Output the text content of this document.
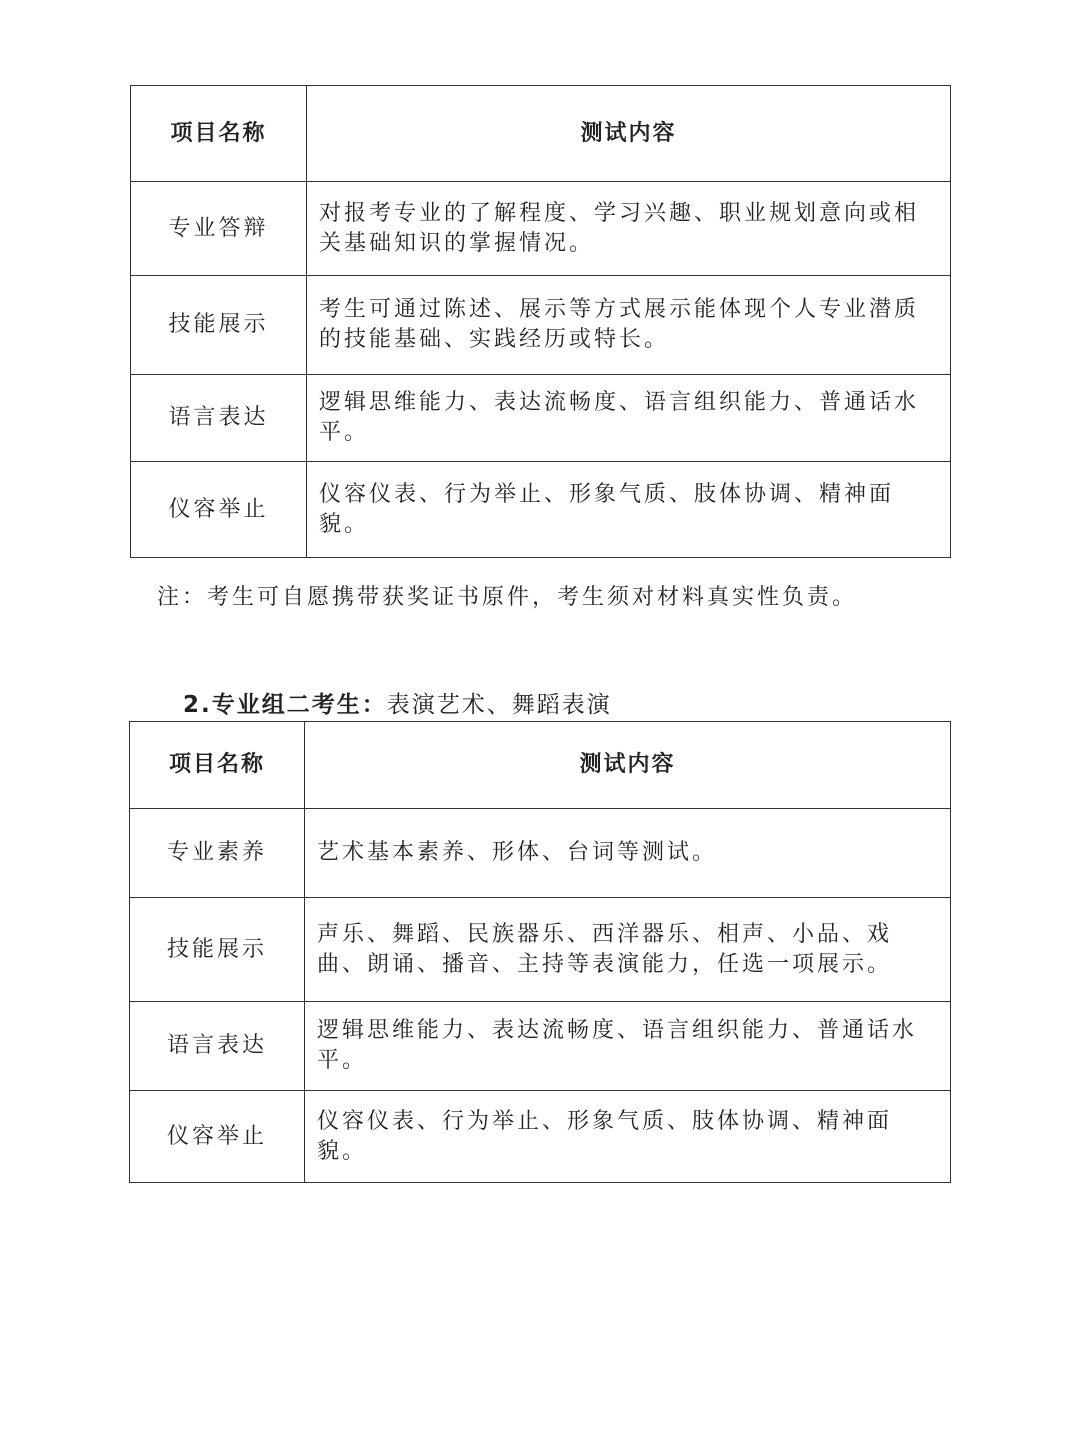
项目名称	测试内容
专业答辩	对报考专业的了解程度、学习兴趣、职业规划意向或相关基础知识的掌握情况。
技能展示	考生可通过陈述、展示等方式展示能体现个人专业潜质的技能基础、实践经历或特长。
语言表达	逻辑思维能力、表达流畅度、语言组织能力、普通话水平。
仪容举止	仪容仪表、行为举止、形象气质、肢体协调、精神面貌。
注：考生可自愿携带获奖证书原件，考生须对材料真实性负责。
2.专业组二考生：表演艺术、舞蹈表演
项目名称	测试内容
专业素养	艺术基本素养、形体、台词等测试。
技能展示	声乐、舞蹈、民族器乐、西洋器乐、相声、小品、戏曲、朗诵、播音、主持等表演能力，任选一项展示。
语言表达	逻辑思维能力、表达流畅度、语言组织能力、普通话水平。
仪容举止	仪容仪表、行为举止、形象气质、肢体协调、精神面貌。
